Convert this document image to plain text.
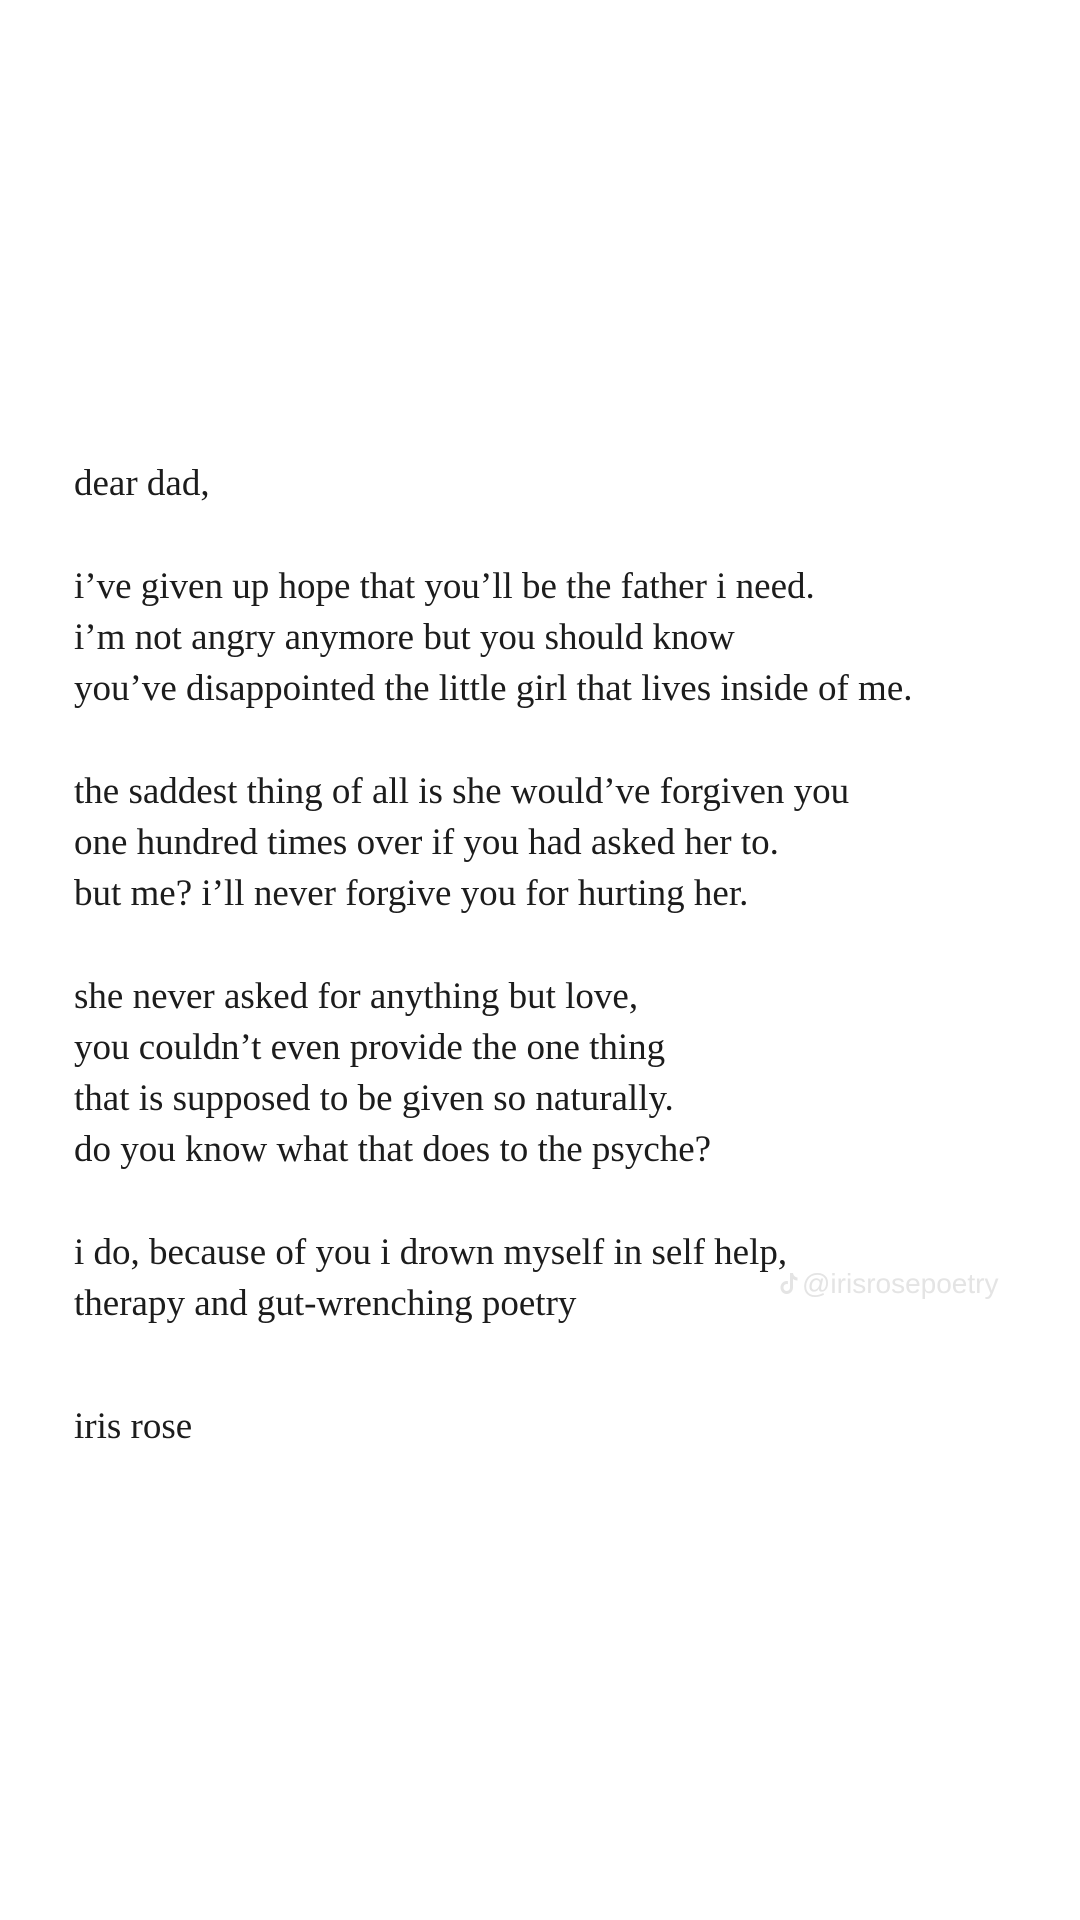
dear dad,
i’ve given up hope that you’ll be the father i need.
i’m not angry anymore but you should know
you’ve disappointed the little girl that lives inside of me.
the saddest thing of all is she would’ve forgiven you
one hundred times over if you had asked her to.
but me? i’ll never forgive you for hurting her.
she never asked for anything but love,
you couldn’t even provide the one thing
that is supposed to be given so naturally.
do you know what that does to the psyche?
i do, because of you i drown myself in self help,
therapy and gut-wrenching poetry
iris rose
@irisrosepoetry
